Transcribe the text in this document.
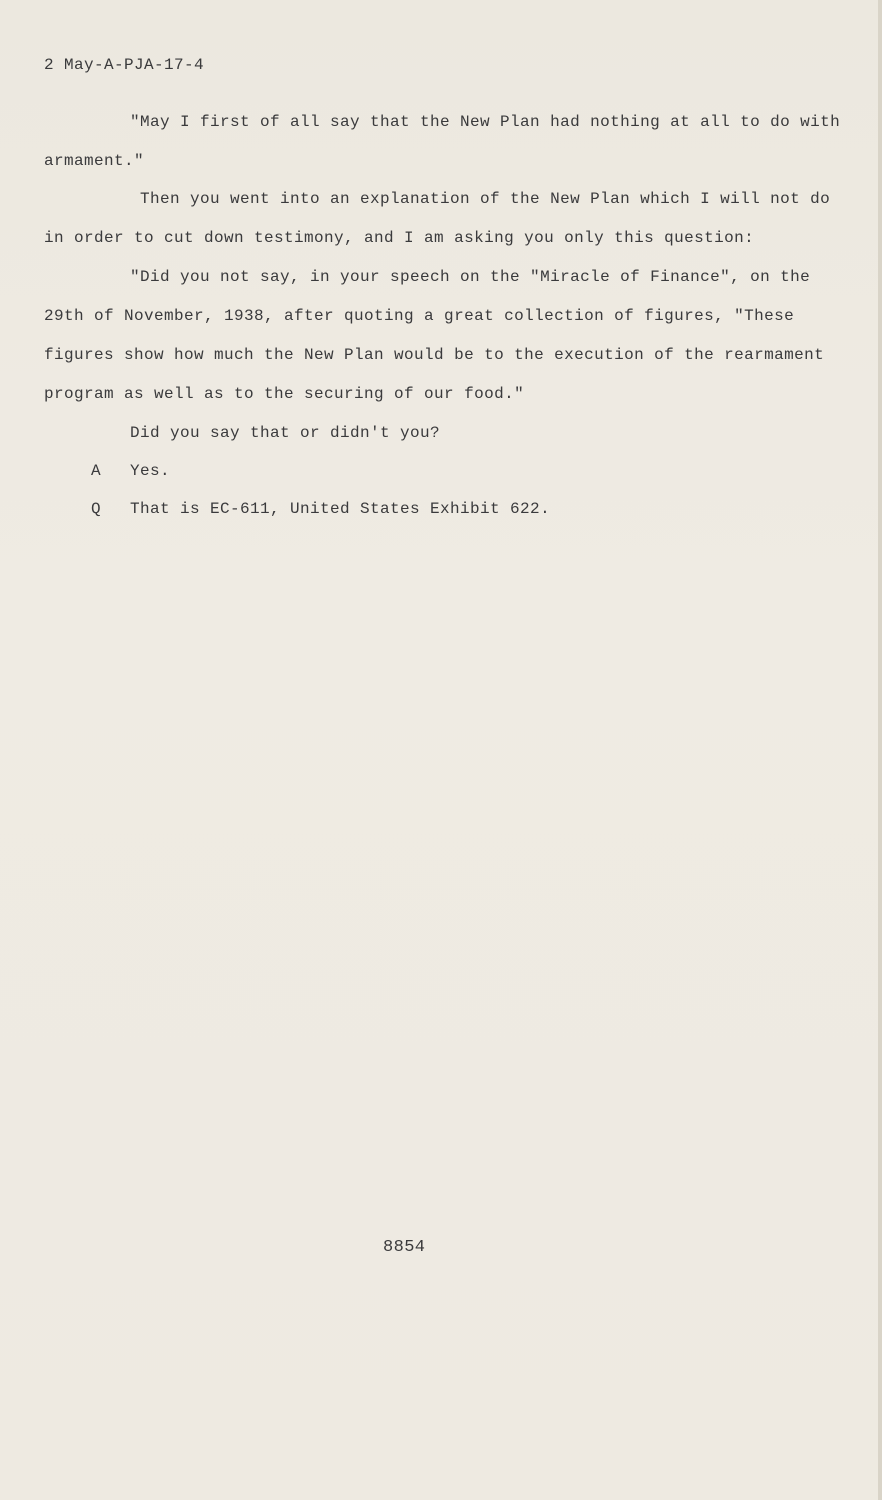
2 May-A-PJA-17-4
"May I first of all say that the New Plan had nothing at all to do with
armament."
Then you went into an explanation of the New Plan which I will not do
in order to cut down testimony, and I am asking you only this question:
"Did you not say, in your speech on the "Miracle of Finance", on the
29th of November, 1938, after quoting a great collection of figures, "These
figures show how much the New Plan would be to the execution of the rearmament
program as well as to the securing of our food."
Did you say that or didn't you?
A Yes.
Q That is EC-611, United States Exhibit 622.
8854
